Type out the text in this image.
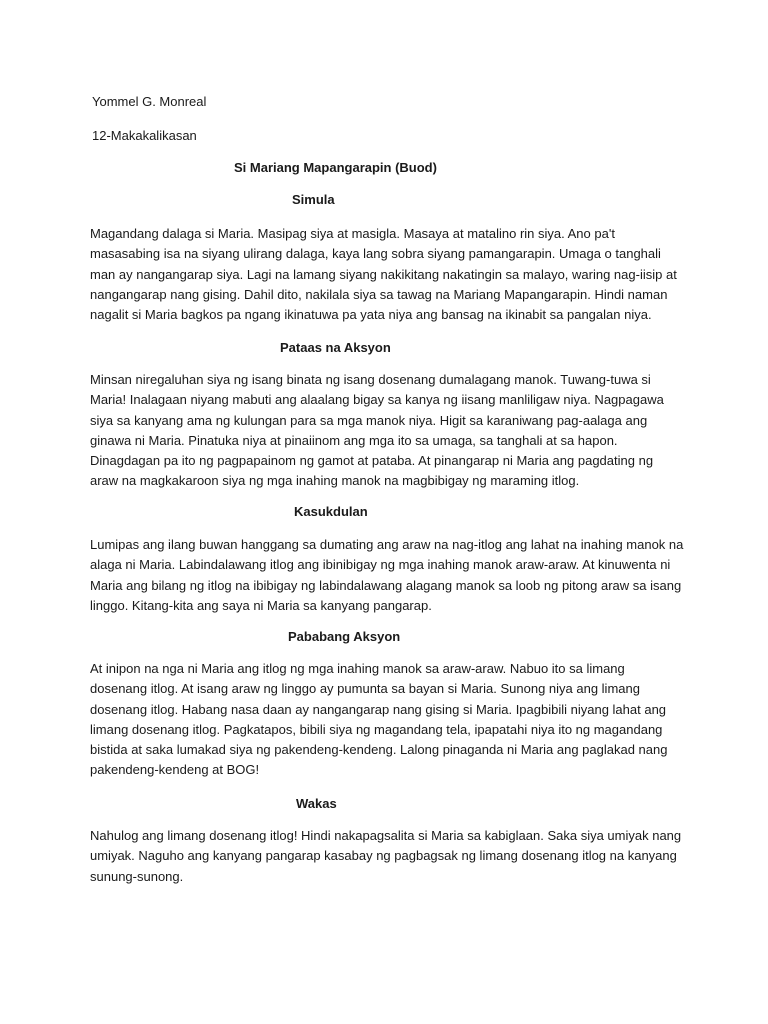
Yommel G. Monreal
12-Makakalikasan
Si Mariang Mapangarapin (Buod)
Simula

Magandang dalaga si Maria. Masipag siya at masigla. Masaya at matalino rin siya. Ano pa't masasabing isa na siyang ulirang dalaga, kaya lang sobra siyang pamangarapin. Umaga o tanghali man ay nangangarap siya. Lagi na lamang siyang nakikitang nakatingin sa malayo, waring nag-iisip at nangangarap nang gising. Dahil dito, nakilala siya sa tawag na Mariang Mapangarapin. Hindi naman nagalit si Maria bagkos pa ngang ikinatuwa pa yata niya ang bansag na ikinabit sa pangalan niya.

Pataas na Aksyon

Minsan niregaluhan siya ng isang binata ng isang dosenang dumalagang manok. Tuwang-tuwa si Maria! Inalagaan niyang mabuti ang alaalang bigay sa kanya ng iisang manliligaw niya. Nagpagawa siya sa kanyang ama ng kulungan para sa mga manok niya. Higit sa karaniwang pag-aalaga ang ginawa ni Maria. Pinatuka niya at pinaiinom ang mga ito sa umaga, sa tanghali at sa hapon. Dinagdagan pa ito ng pagpapainom ng gamot at pataba. At pinangarap ni Maria ang pagdating ng araw na magkakaroon siya ng mga inahing manok na magbibigay ng maraming itlog.

Kasukdulan

Lumipas ang ilang buwan hanggang sa dumating ang araw na nag-itlog ang lahat na inahing manok na alaga ni Maria. Labindalawang itlog ang ibinibigay ng mga inahing manok araw-araw. At kinuwenta ni Maria ang bilang ng itlog na ibibigay ng labindalawang alagang manok sa loob ng pitong araw sa isang linggo. Kitang-kita ang saya ni Maria sa kanyang pangarap.

Pababang Aksyon

At inipon na nga ni Maria ang itlog ng mga inahing manok sa araw-araw. Nabuo ito sa limang dosenang itlog. At isang araw ng linggo ay pumunta sa bayan si Maria. Sunong niya ang limang dosenang itlog. Habang nasa daan ay nangangarap nang gising si Maria. Ipagbibili niyang lahat ang limang dosenang itlog. Pagkatapos, bibili siya ng magandang tela, ipapatahi niya ito ng magandang bistida at saka lumakad siya ng pakendeng-kendeng. Lalong pinaganda ni Maria ang paglakad nang pakendeng-kendeng at BOG!

Wakas

Nahulog ang limang dosenang itlog! Hindi nakapagsalita si Maria sa kabiglaan. Saka siya umiyak nang umiyak. Naguho ang kanyang pangarap kasabay ng pagbagsak ng limang dosenang itlog na kanyang sunung-sunong.
